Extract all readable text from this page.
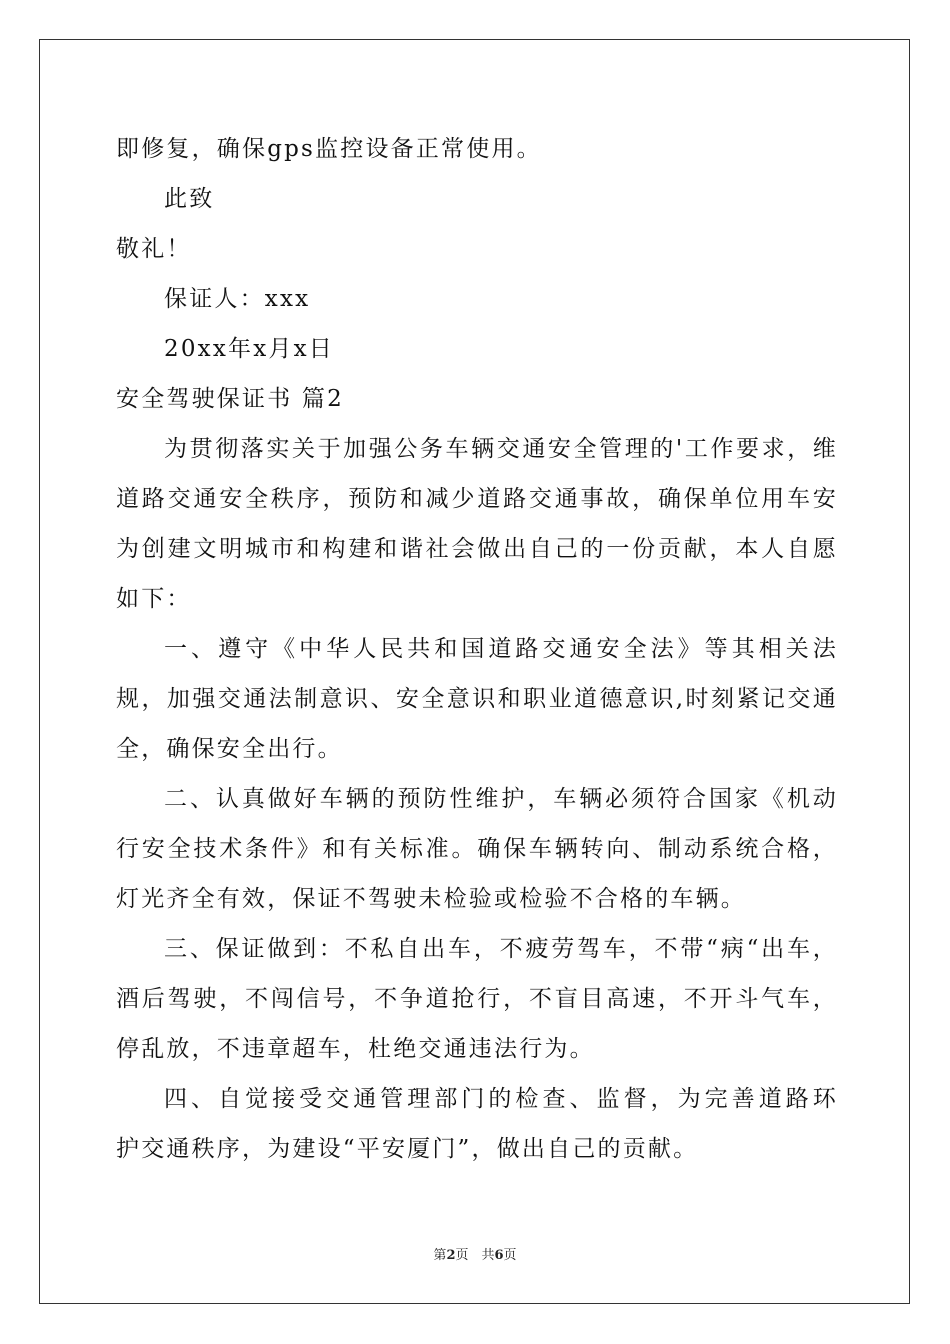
即修复，确保gps监控设备正常使用。
此致
敬礼！
保证人：xxx
20xx年x月x日
安全驾驶保证书 篇2
为贯彻落实关于加强公务车辆交通安全管理的'工作要求，维
道路交通安全秩序，预防和减少道路交通事故，确保单位用车安
为创建文明城市和构建和谐社会做出自己的一份贡献，本人自愿
如下：
一、遵守《中华人民共和国道路交通安全法》等其相关法
规，加强交通法制意识、安全意识和职业道德意识,时刻紧记交通
全，确保安全出行。
二、认真做好车辆的预防性维护，车辆必须符合国家《机动
行安全技术条件》和有关标准。确保车辆转向、制动系统合格，
灯光齐全有效，保证不驾驶未检验或检验不合格的车辆。
三、保证做到：不私自出车，不疲劳驾车，不带“病“出车，
酒后驾驶，不闯信号，不争道抢行，不盲目高速，不开斗气车，
停乱放，不违章超车，杜绝交通违法行为。
四、自觉接受交通管理部门的检查、监督，为完善道路环
护交通秩序，为建设“平安厦门”，做出自己的贡献。
第2页　共6页
